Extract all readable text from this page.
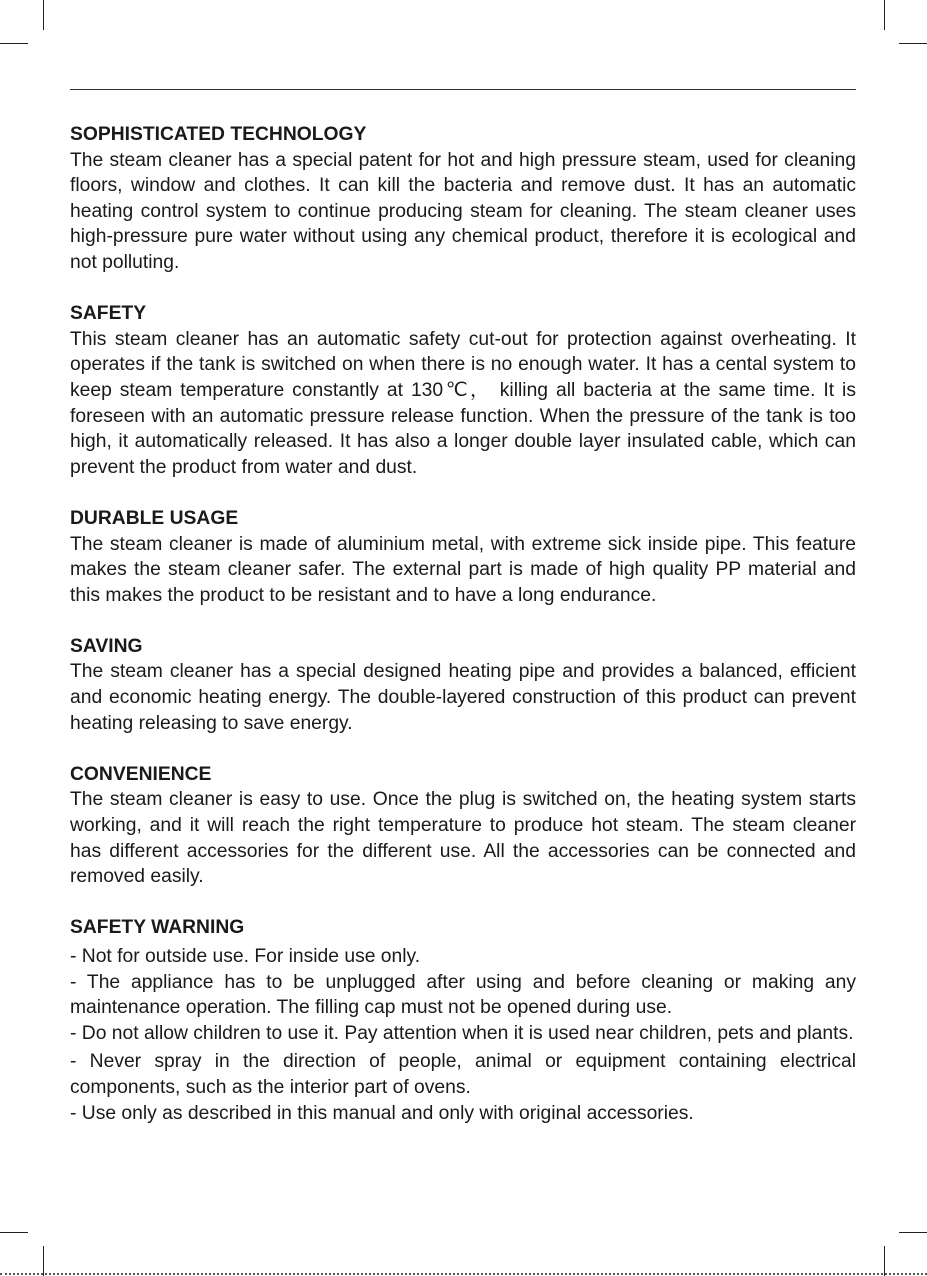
SOPHISTICATED TECHNOLOGY

The steam cleaner has a special patent for hot and high pressure steam, used for cleaning floors, window and clothes. It can kill the bacteria and remove dust. It has an automatic heating control system to continue producing steam for cleaning. The steam cleaner uses high-pressure pure water without using any chemical product, therefore it is ecological and not polluting.

SAFETY

This steam cleaner has an automatic safety cut-out for protection against overheating. It operates if the tank is switched on when there is no enough water. It has a cental system to keep steam temperature constantly at 130℃， killing all bacteria at the same time. It is foreseen with an automatic pressure release function. When the pressure of the tank is too high, it automatically released. It has also a longer double layer insulated cable, which can prevent the product from water and dust.

DURABLE USAGE

The steam cleaner is made of aluminium metal, with extreme sick inside pipe. This feature makes the steam cleaner safer. The external part is made of high quality PP material and this makes the product to be resistant and to have a long endurance.

SAVING

The steam cleaner has a special designed heating pipe and provides a balanced, efficient and economic heating energy. The double-layered construction of this product can prevent heating releasing to save energy.

CONVENIENCE

The steam cleaner is easy to use. Once the plug is switched on, the heating system starts working, and it will reach the right temperature to produce hot steam. The steam cleaner has different accessories for the different use. All the accessories can be connected and removed easily.

SAFETY WARNING

- Not for outside use. For inside use only.

- The appliance has to be unplugged after using and before cleaning or making any maintenance operation. The filling cap must not be opened during use.

- Do not allow children to use it. Pay attention when it is used near children, pets and plants.

- Never spray in the direction of people, animal or equipment containing electrical components, such as the interior part of ovens.

- Use only as described in this manual and only with original accessories.
